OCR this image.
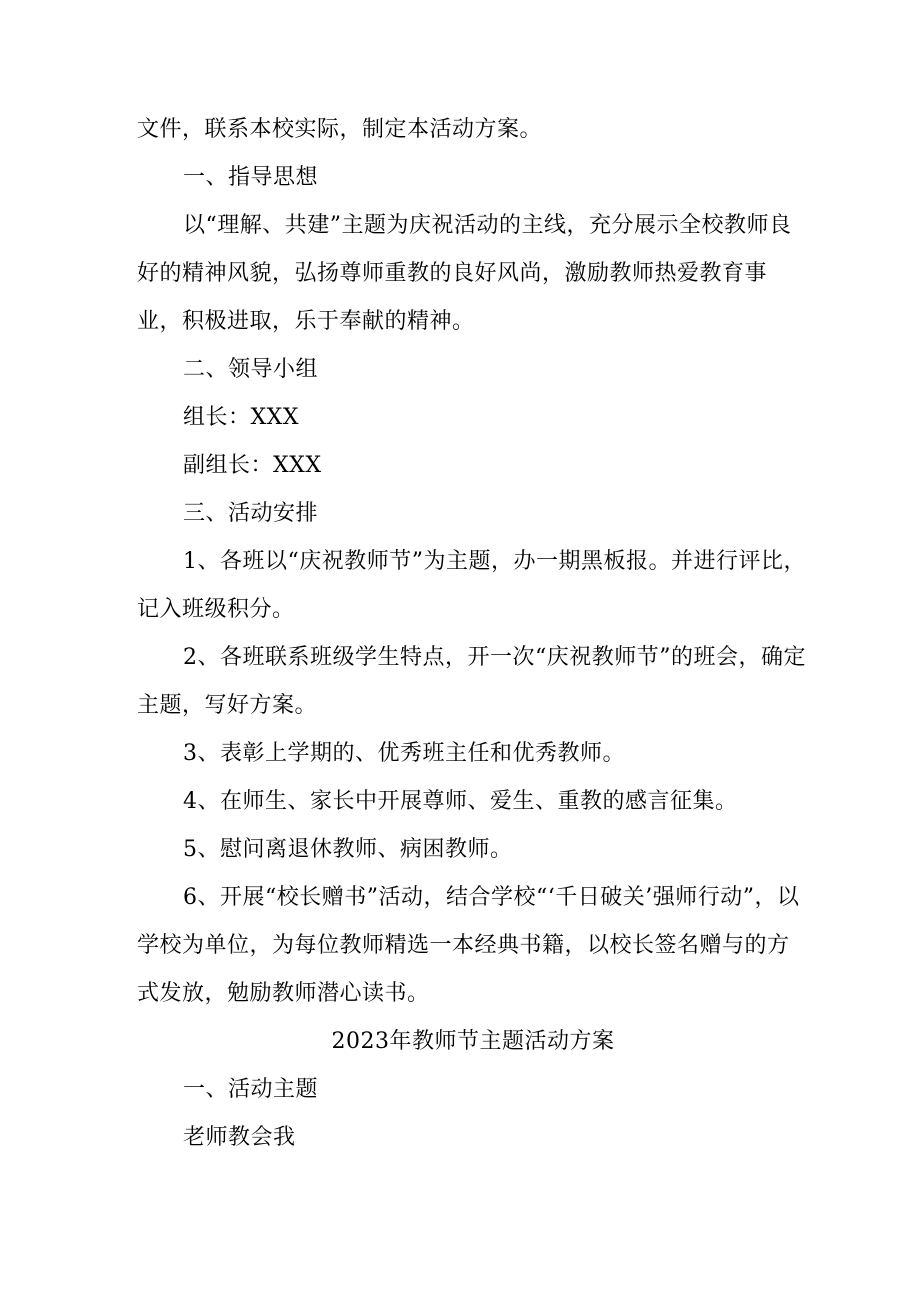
文件，联系本校实际，制定本活动方案。

一、指导思想

以“理解、共建”主题为庆祝活动的主线，充分展示全校教师良好的精神风貌，弘扬尊师重教的良好风尚，激励教师热爱教育事业，积极进取，乐于奉献的精神。

二、领导小组

组长：XXX

副组长：XXX

三、活动安排

1、各班以“庆祝教师节”为主题，办一期黑板报。并进行评比，记入班级积分。

2、各班联系班级学生特点，开一次“庆祝教师节”的班会，确定主题，写好方案。

3、表彰上学期的、优秀班主任和优秀教师。

4、在师生、家长中开展尊师、爱生、重教的感言征集。

5、慰问离退休教师、病困教师。

6、开展“校长赠书”活动，结合学校“‘千日破关’强师行动”，以学校为单位，为每位教师精选一本经典书籍，以校长签名赠与的方式发放，勉励教师潜心读书。

2023年教师节主题活动方案

一、活动主题

老师教会我
